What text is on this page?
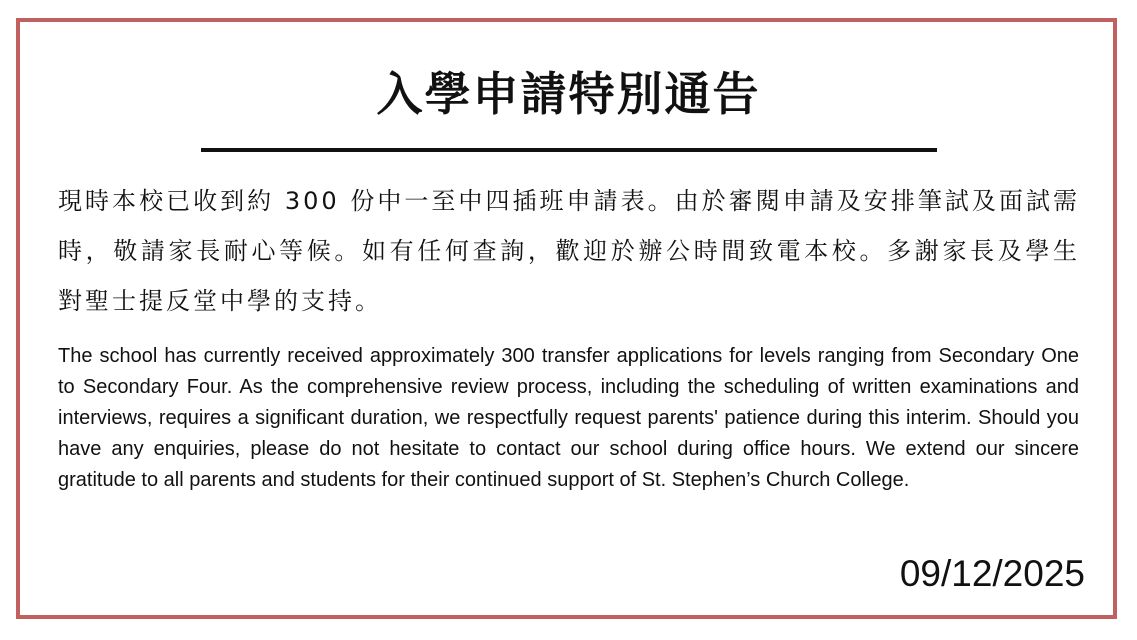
入學申請特別通告

現時本校已收到約 300 份中一至中四插班申請表。由於審閱申請及安排筆試及面試需時，敬請家長耐心等候。如有任何查詢，歡迎於辦公時間致電本校。多謝家長及學生對聖士提反堂中學的支持。

The school has currently received approximately 300 transfer applications for levels ranging from Secondary One to Secondary Four. As the comprehensive review process, including the scheduling of written examinations and interviews, requires a significant duration, we respectfully request parents' patience during this interim. Should you have any enquiries, please do not hesitate to contact our school during office hours. We extend our sincere gratitude to all parents and students for their continued support of St. Stephen’s Church College.

09/12/2025
